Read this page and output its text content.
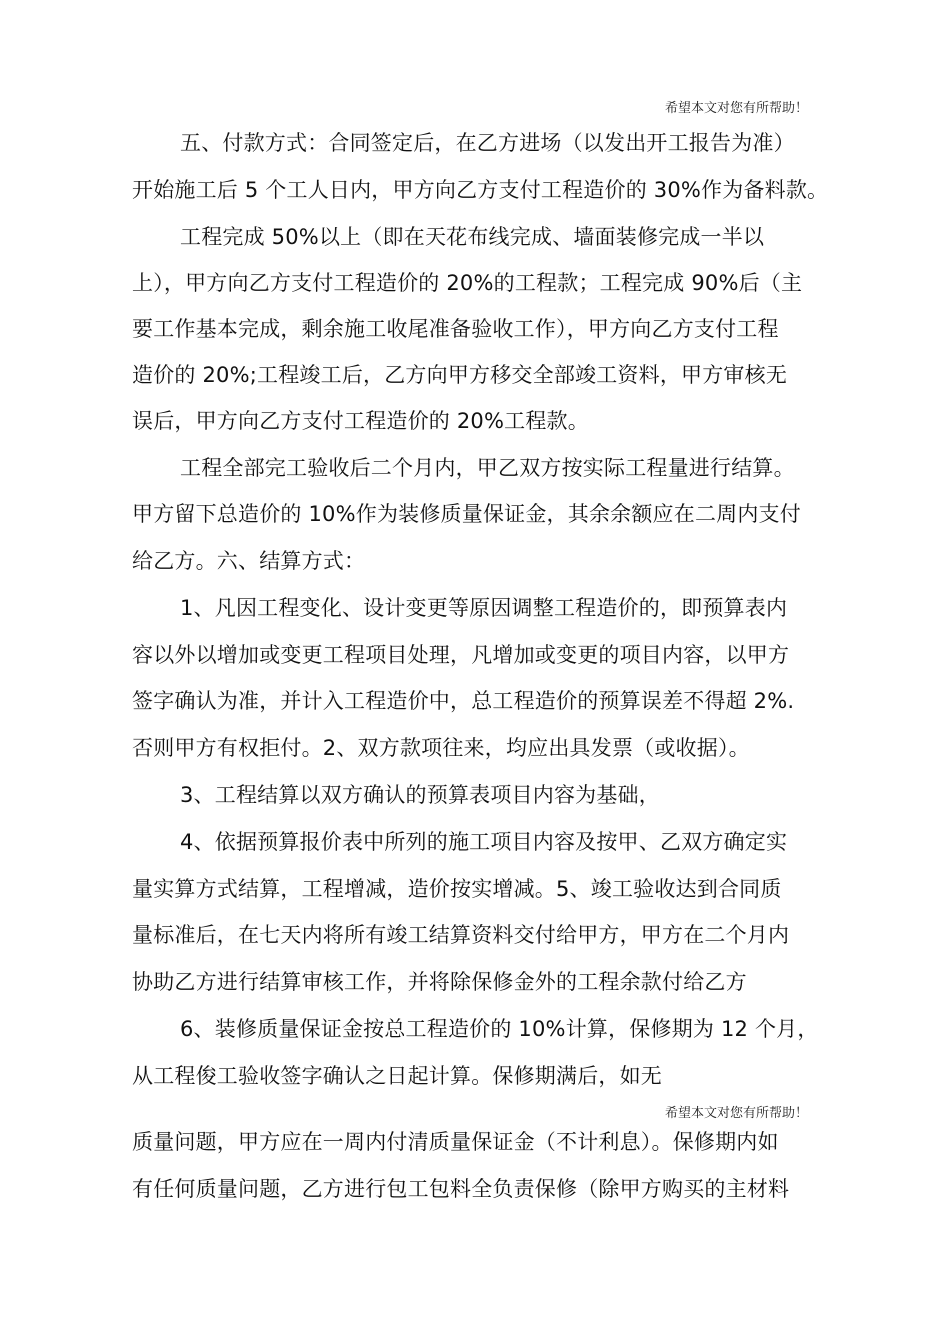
希望本文对您有所帮助！
五、付款方式：合同签定后，在乙方进场（以发出开工报告为准）
开始施工后 5 个工人日内，甲方向乙方支付工程造价的 30%作为备料款。
工程完成 50%以上（即在天花布线完成、墙面装修完成一半以
上），甲方向乙方支付工程造价的 20%的工程款；工程完成 90%后（主
要工作基本完成，剩余施工收尾准备验收工作），甲方向乙方支付工程
造价的 20%;工程竣工后，乙方向甲方移交全部竣工资料，甲方审核无
误后，甲方向乙方支付工程造价的 20%工程款。
工程全部完工验收后二个月内，甲乙双方按实际工程量进行结算。
甲方留下总造价的 10%作为装修质量保证金，其余余额应在二周内支付
给乙方。六、结算方式：
1、凡因工程变化、设计变更等原因调整工程造价的，即预算表内
容以外以增加或变更工程项目处理，凡增加或变更的项目内容，以甲方
签字确认为准，并计入工程造价中，总工程造价的预算误差不得超 2%.
否则甲方有权拒付。2、双方款项往来，均应出具发票（或收据）。
3、工程结算以双方确认的预算表项目内容为基础，
4、依据预算报价表中所列的施工项目内容及按甲、乙双方确定实
量实算方式结算，工程增减，造价按实增减。5、竣工验收达到合同质
量标准后，在七天内将所有竣工结算资料交付给甲方，甲方在二个月内
协助乙方进行结算审核工作，并将除保修金外的工程余款付给乙方
6、装修质量保证金按总工程造价的 10%计算，保修期为 12 个月，
从工程俊工验收签字确认之日起计算。保修期满后，如无
希望本文对您有所帮助！
质量问题，甲方应在一周内付清质量保证金（不计利息）。保修期内如
有任何质量问题，乙方进行包工包料全负责保修（除甲方购买的主材料
